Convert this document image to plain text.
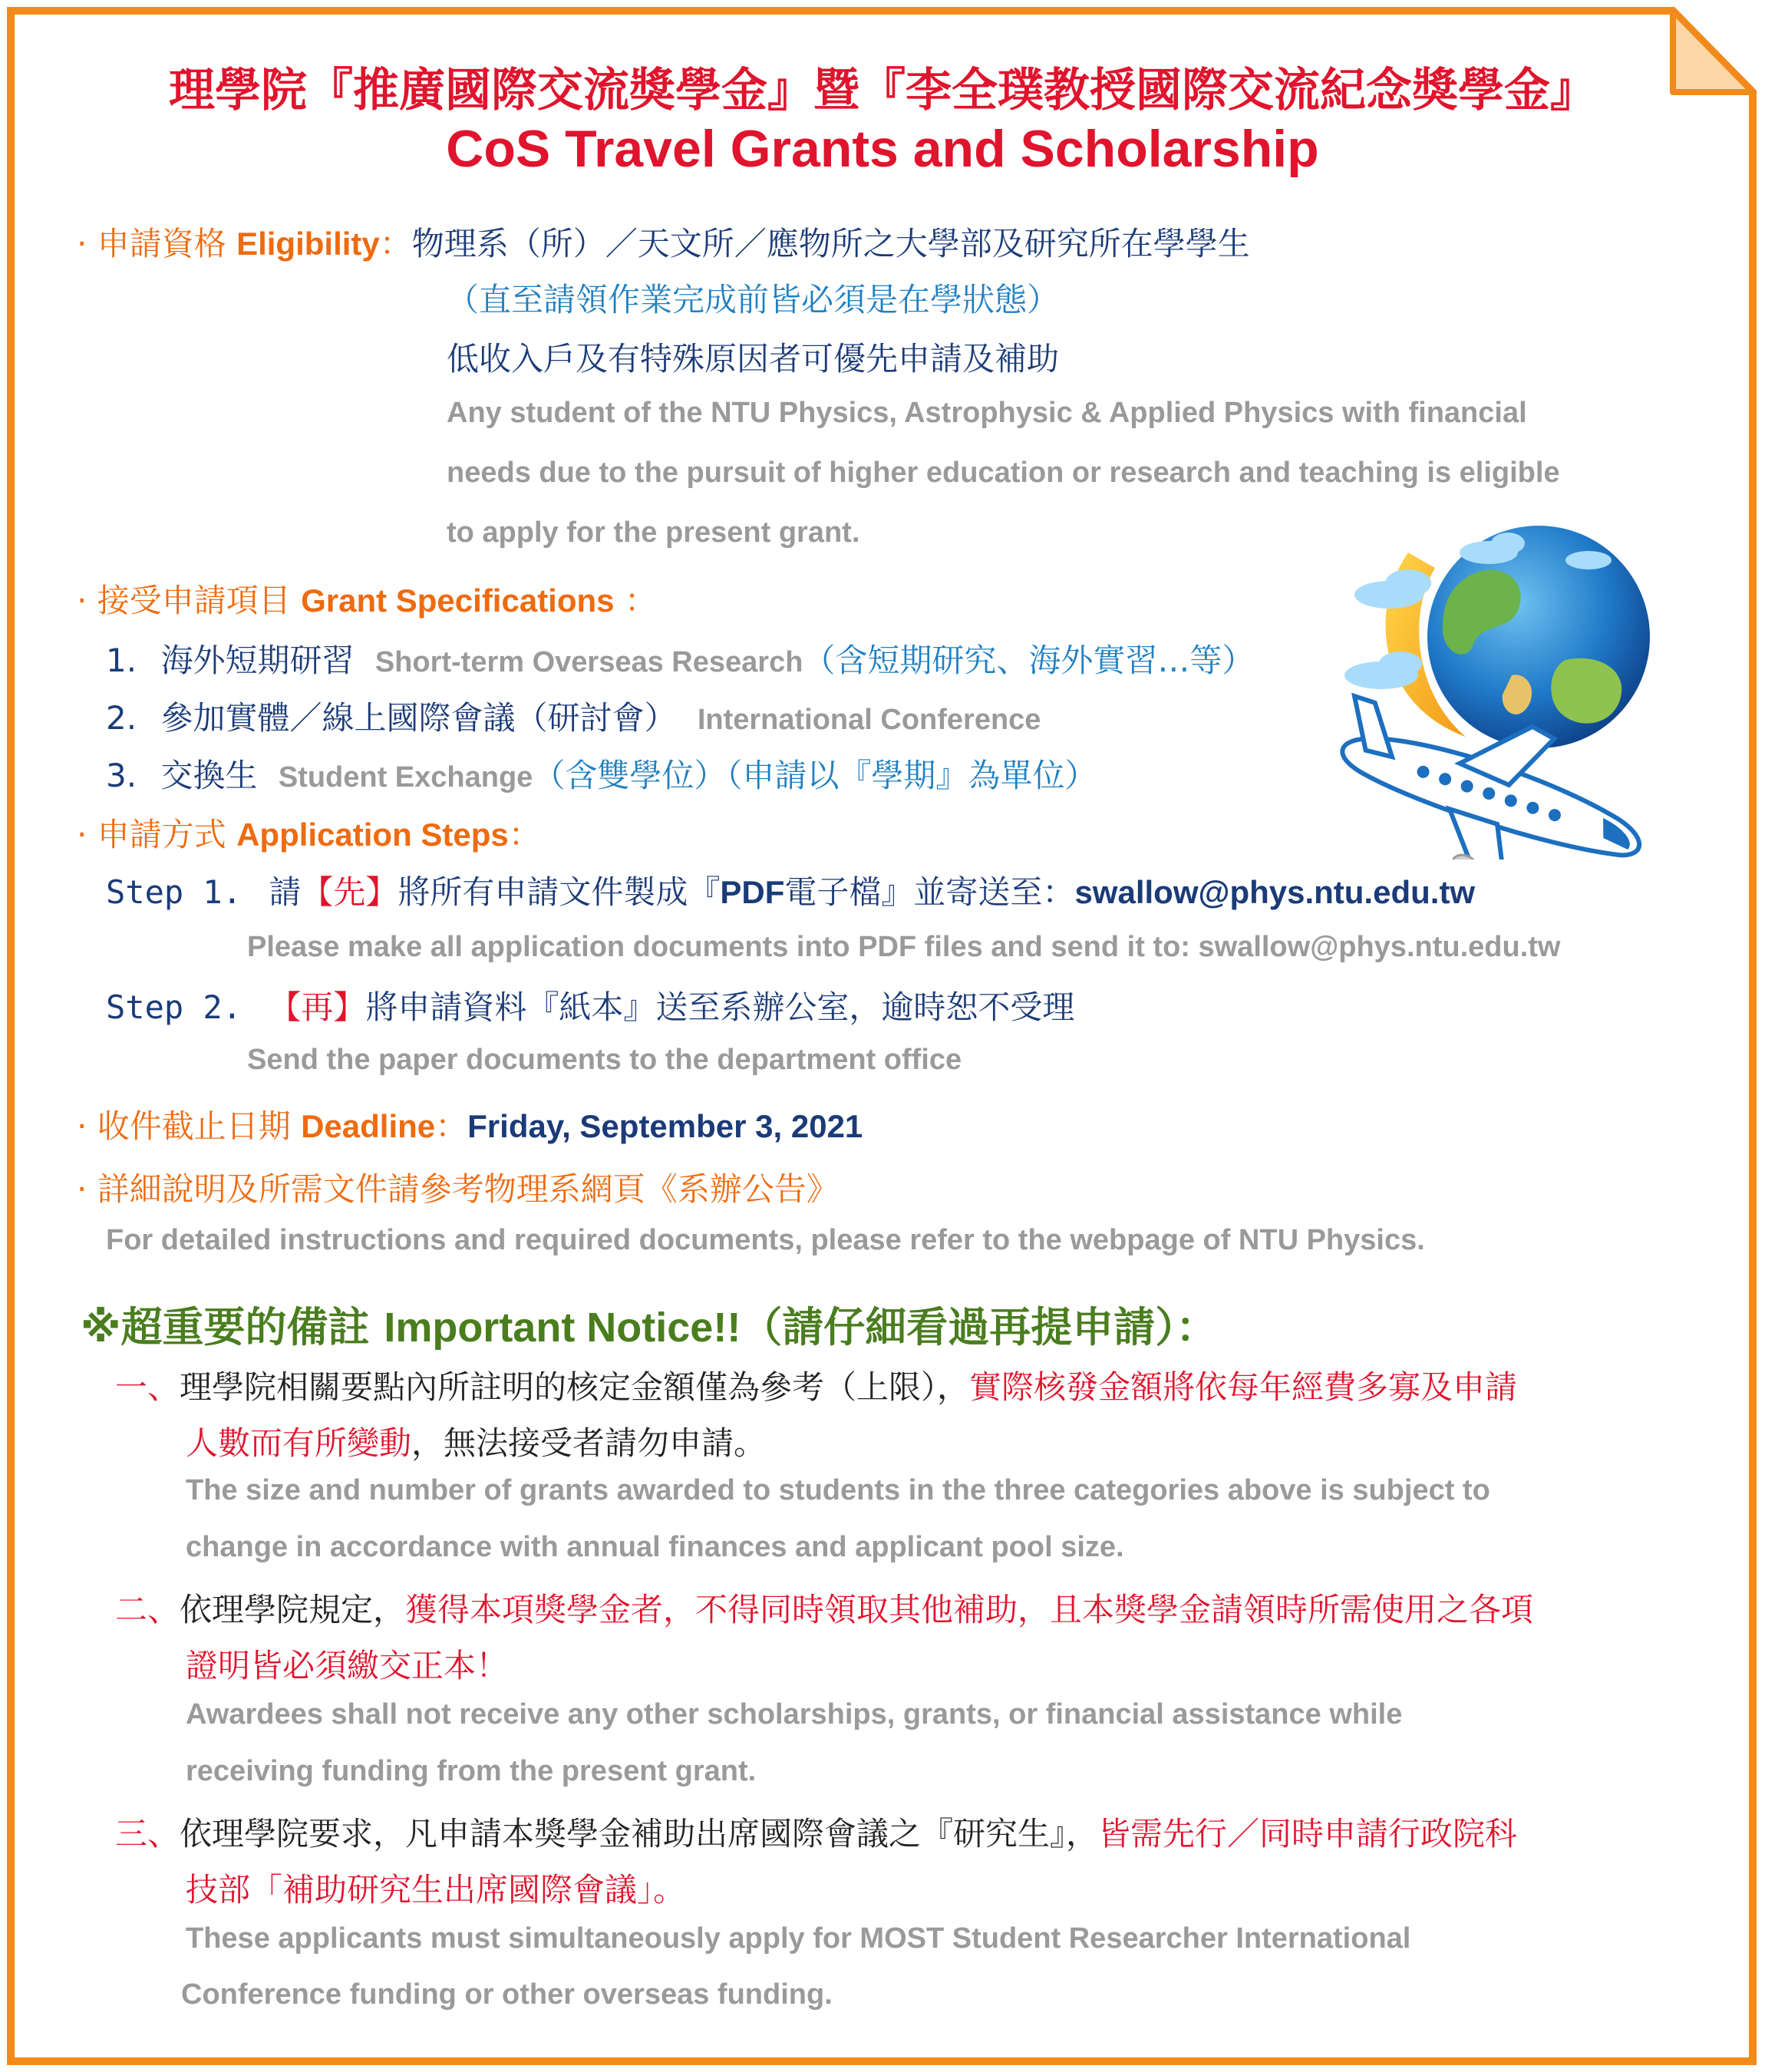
理學院『推廣國際交流獎學金』暨『李全璞教授國際交流紀念獎學金』
CoS Travel Grants and Scholarship
· 申請資格 Eligibility：物理系（所）／天文所／應物所之大學部及研究所在學學生
（直至請領作業完成前皆必須是在學狀態）
低收入戶及有特殊原因者可優先申請及補助
Any student of the NTU Physics, Astrophysic & Applied Physics with financial
needs due to the pursuit of higher education or research and teaching is eligible
to apply for the present grant.
· 接受申請項目 Grant Specifications ：
1. 海外短期研習 Short-term Overseas Research（含短期研究、海外實習…等）
2. 參加實體／線上國際會議（研討會） International Conference
3. 交換生 Student Exchange（含雙學位）（申請以『學期』為單位）
· 申請方式 Application Steps：
Step 1. 請【先】將所有申請文件製成『PDF電子檔』並寄送至：swallow@phys.ntu.edu.tw
Please make all application documents into PDF files and send it to: swallow@phys.ntu.edu.tw
Step 2. 【再】將申請資料『紙本』送至系辦公室，逾時恕不受理
Send the paper documents to the department office
· 收件截止日期 Deadline：Friday, September 3, 2021
· 詳細說明及所需文件請參考物理系網頁《系辦公告》
For detailed instructions and required documents, please refer to the webpage of NTU Physics.
※超重要的備註 Important Notice!!（請仔細看過再提申請）：
一、理學院相關要點內所註明的核定金額僅為參考（上限），實際核發金額將依每年經費多寡及申請
人數而有所變動，無法接受者請勿申請。
The size and number of grants awarded to students in the three categories above is subject to
change in accordance with annual finances and applicant pool size.
二、依理學院規定，獲得本項獎學金者，不得同時領取其他補助，且本獎學金請領時所需使用之各項
證明皆必須繳交正本！
Awardees shall not receive any other scholarships, grants, or financial assistance while
receiving funding from the present grant.
三、依理學院要求，凡申請本獎學金補助出席國際會議之『研究生』，皆需先行／同時申請行政院科
技部「補助研究生出席國際會議」。
These applicants must simultaneously apply for MOST Student Researcher International
Conference funding or other overseas funding.
